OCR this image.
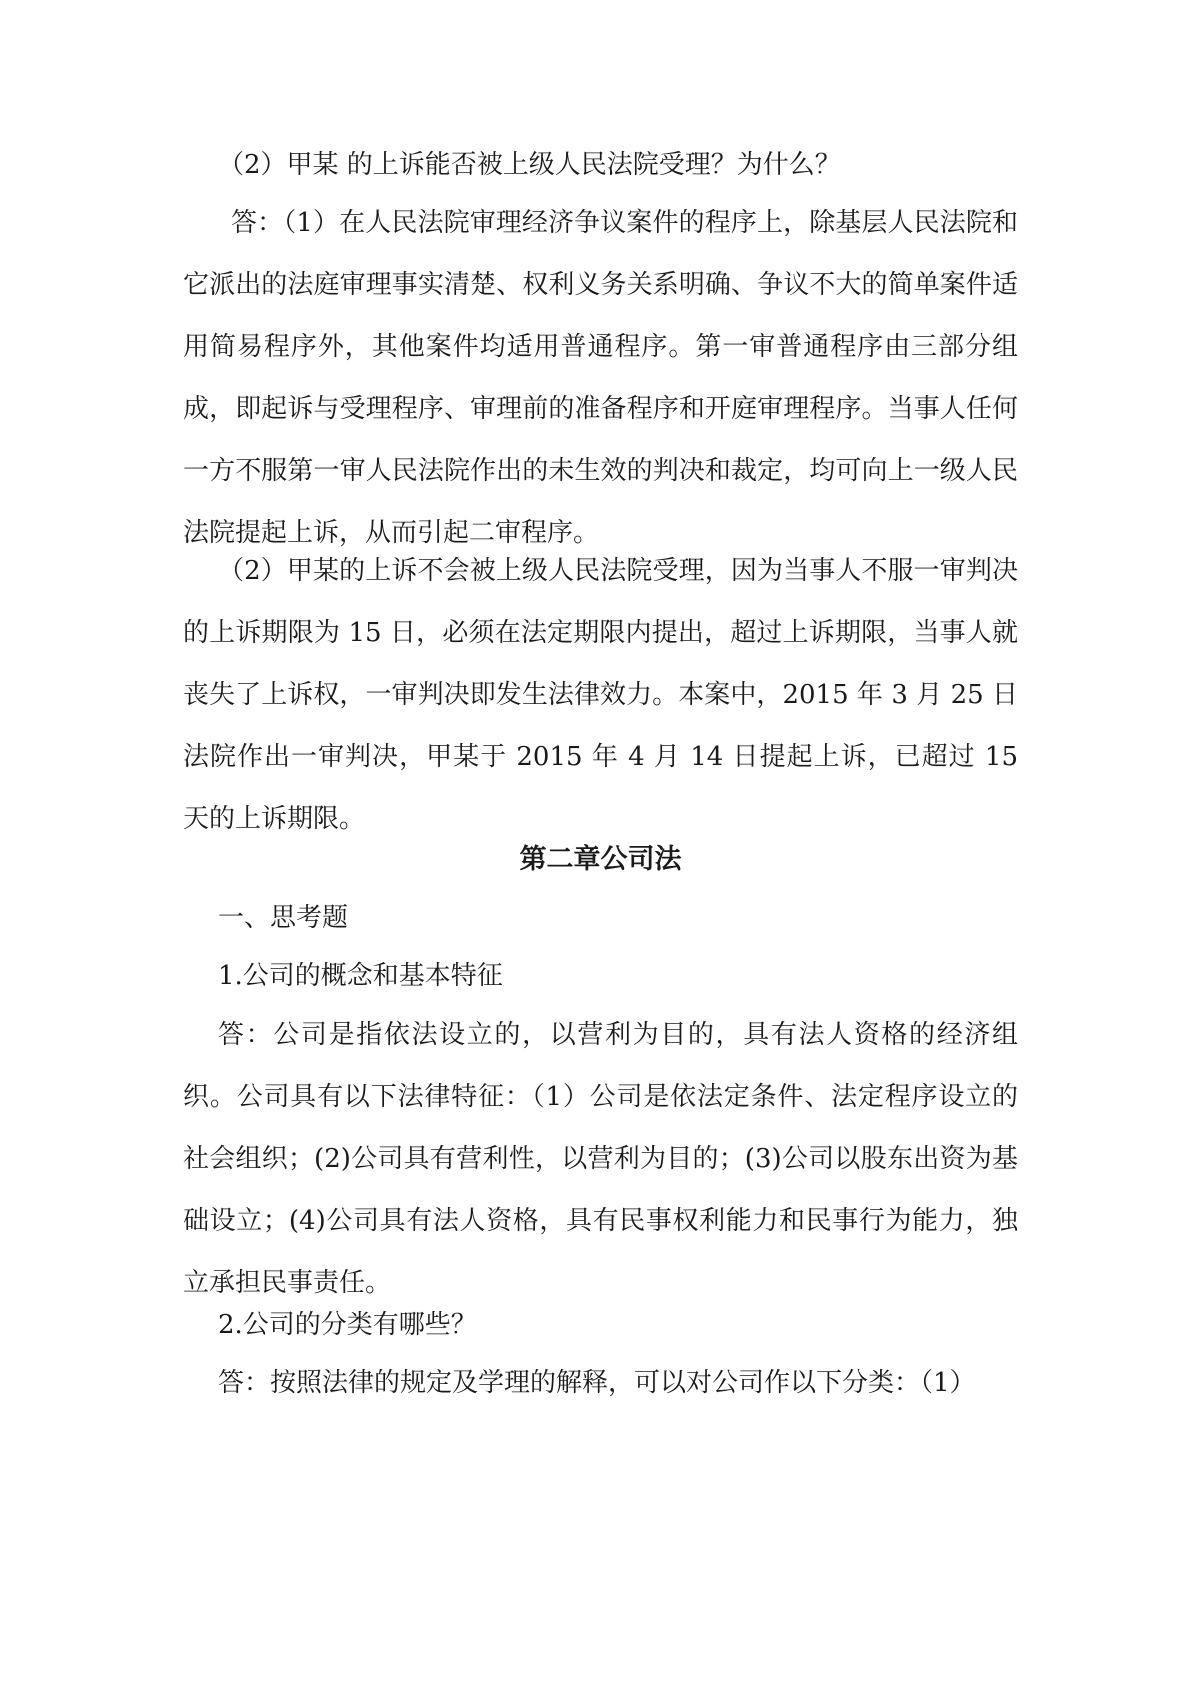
（2）甲某 的上诉能否被上级人民法院受理？为什么？

答：（1）在人民法院审理经济争议案件的程序上，除基层人民法院和它派出的法庭审理事实清楚、权利义务关系明确、争议不大的简单案件适用简易程序外，其他案件均适用普通程序。第一审普通程序由三部分组成，即起诉与受理程序、审理前的准备程序和开庭审理程序。当事人任何一方不服第一审人民法院作出的未生效的判决和裁定，均可向上一级人民法院提起上诉，从而引起二审程序。

（2）甲某的上诉不会被上级人民法院受理，因为当事人不服一审判决的上诉期限为 15 日，必须在法定期限内提出，超过上诉期限，当事人就丧失了上诉权，一审判决即发生法律效力。本案中，2015 年 3 月 25 日法院作出一审判决，甲某于 2015 年 4 月 14 日提起上诉，已超过 15 天的上诉期限。

第二章公司法

一、思考题

1.公司的概念和基本特征

答：公司是指依法设立的，以营利为目的，具有法人资格的经济组织。公司具有以下法律特征：（1）公司是依法定条件、法定程序设立的社会组织；(2)公司具有营利性，以营利为目的；(3)公司以股东出资为基础设立；(4)公司具有法人资格，具有民事权利能力和民事行为能力，独立承担民事责任。

2.公司的分类有哪些？

答：按照法律的规定及学理的解释，可以对公司作以下分类：（1）
